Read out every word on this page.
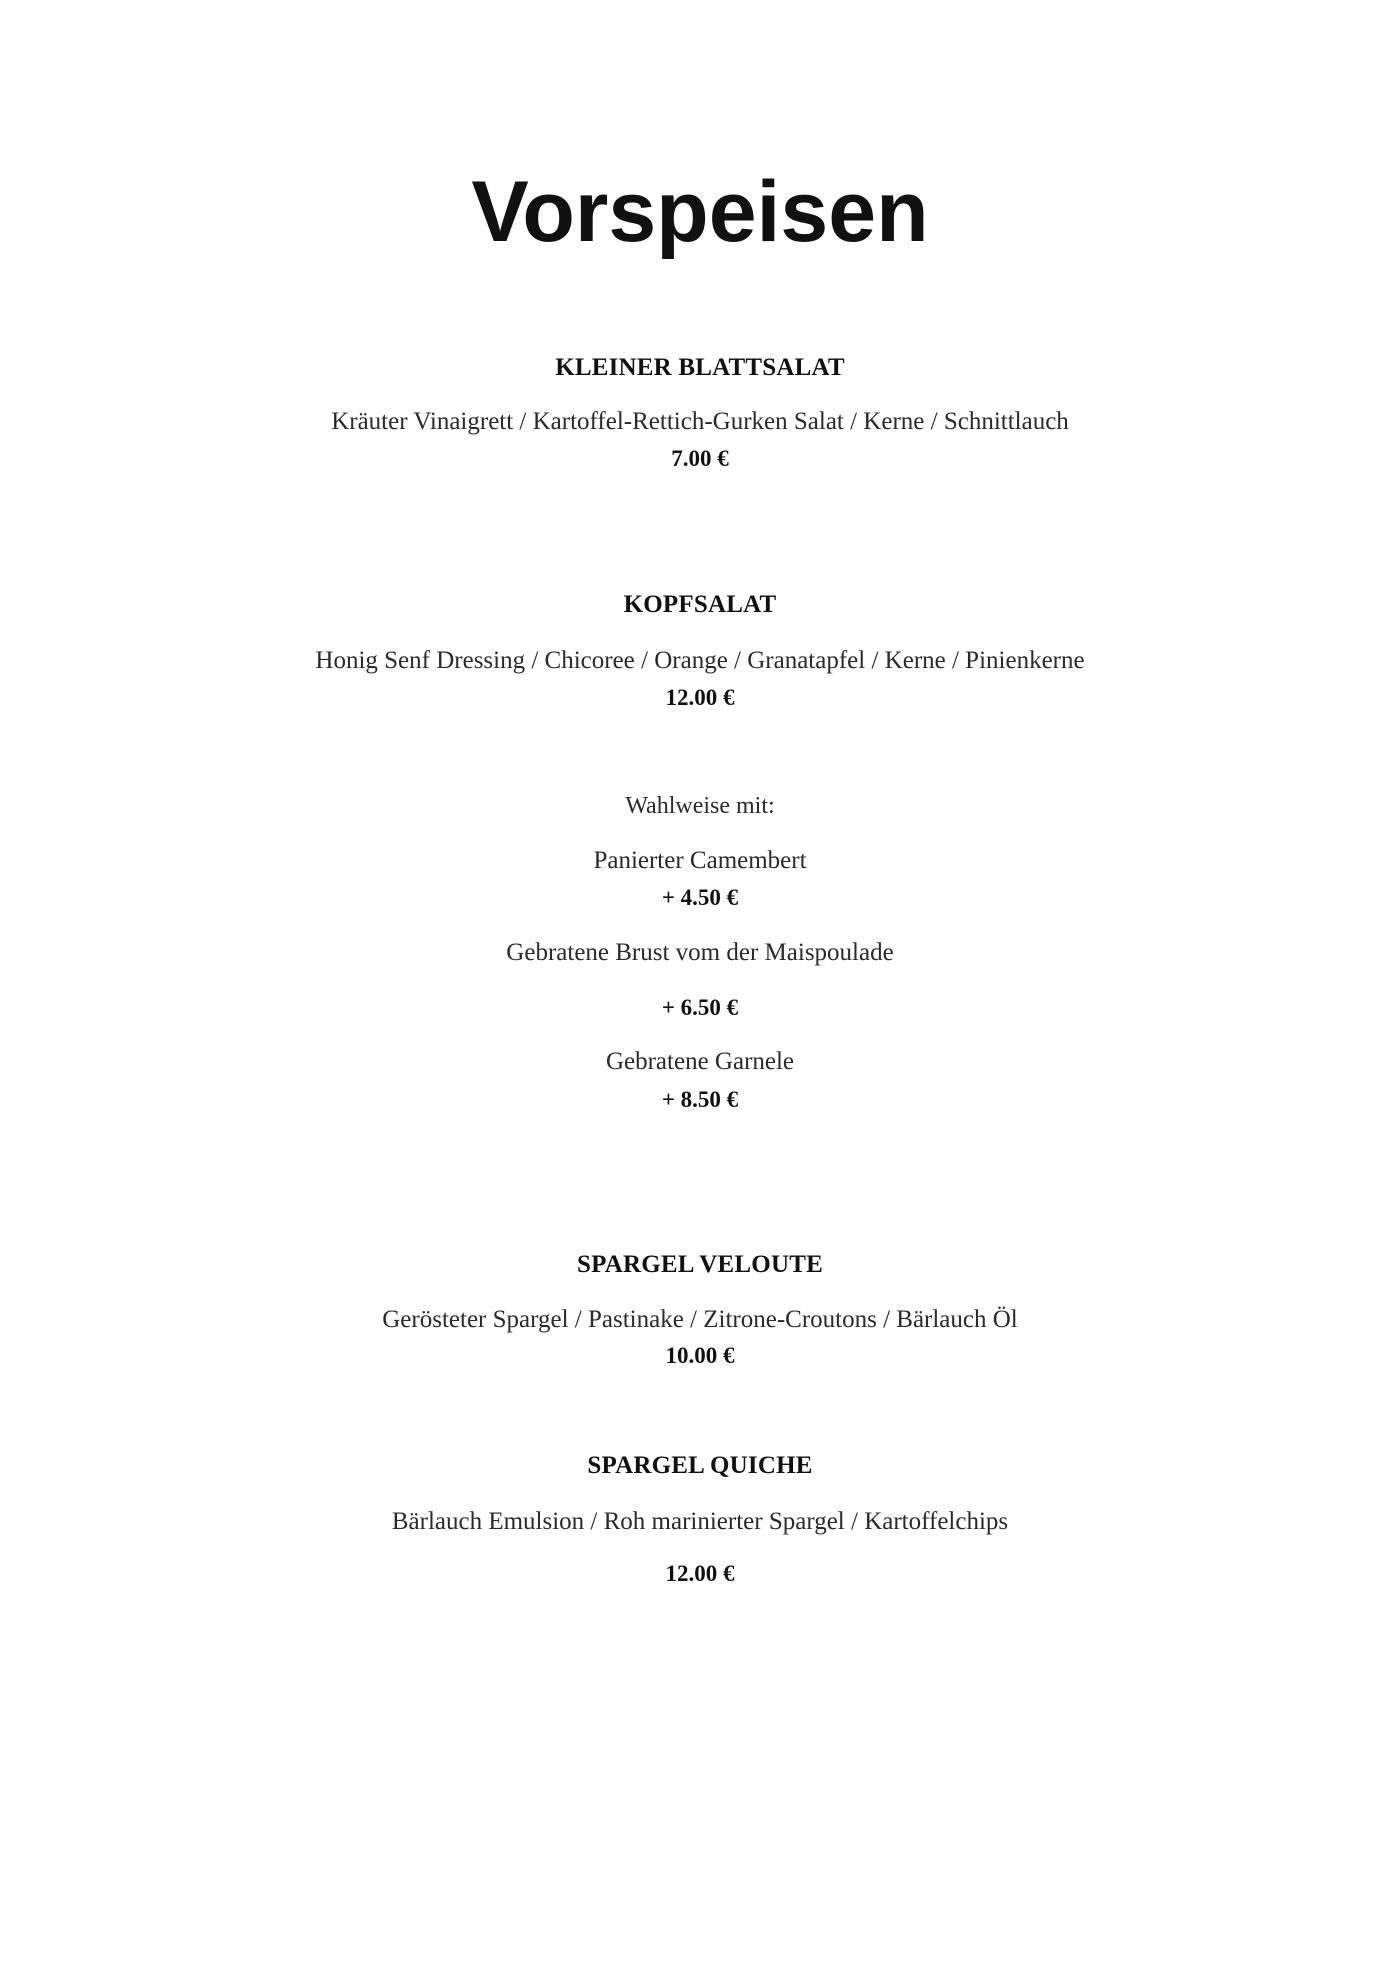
Vorspeisen
KLEINER BLATTSALAT
Kräuter Vinaigrett / Kartoffel-Rettich-Gurken Salat / Kerne / Schnittlauch
7.00 €
KOPFSALAT
Honig Senf Dressing / Chicoree / Orange / Granatapfel / Kerne / Pinienkerne
12.00 €
Wahlweise mit:
Panierter Camembert
+ 4.50 €
Gebratene Brust vom der Maispoulade
+ 6.50 €
Gebratene Garnele
+ 8.50 €
SPARGEL VELOUTE
Gerösteter Spargel / Pastinake / Zitrone-Croutons / Bärlauch Öl
10.00 €
SPARGEL QUICHE
Bärlauch Emulsion / Roh marinierter Spargel / Kartoffelchips
12.00 €
